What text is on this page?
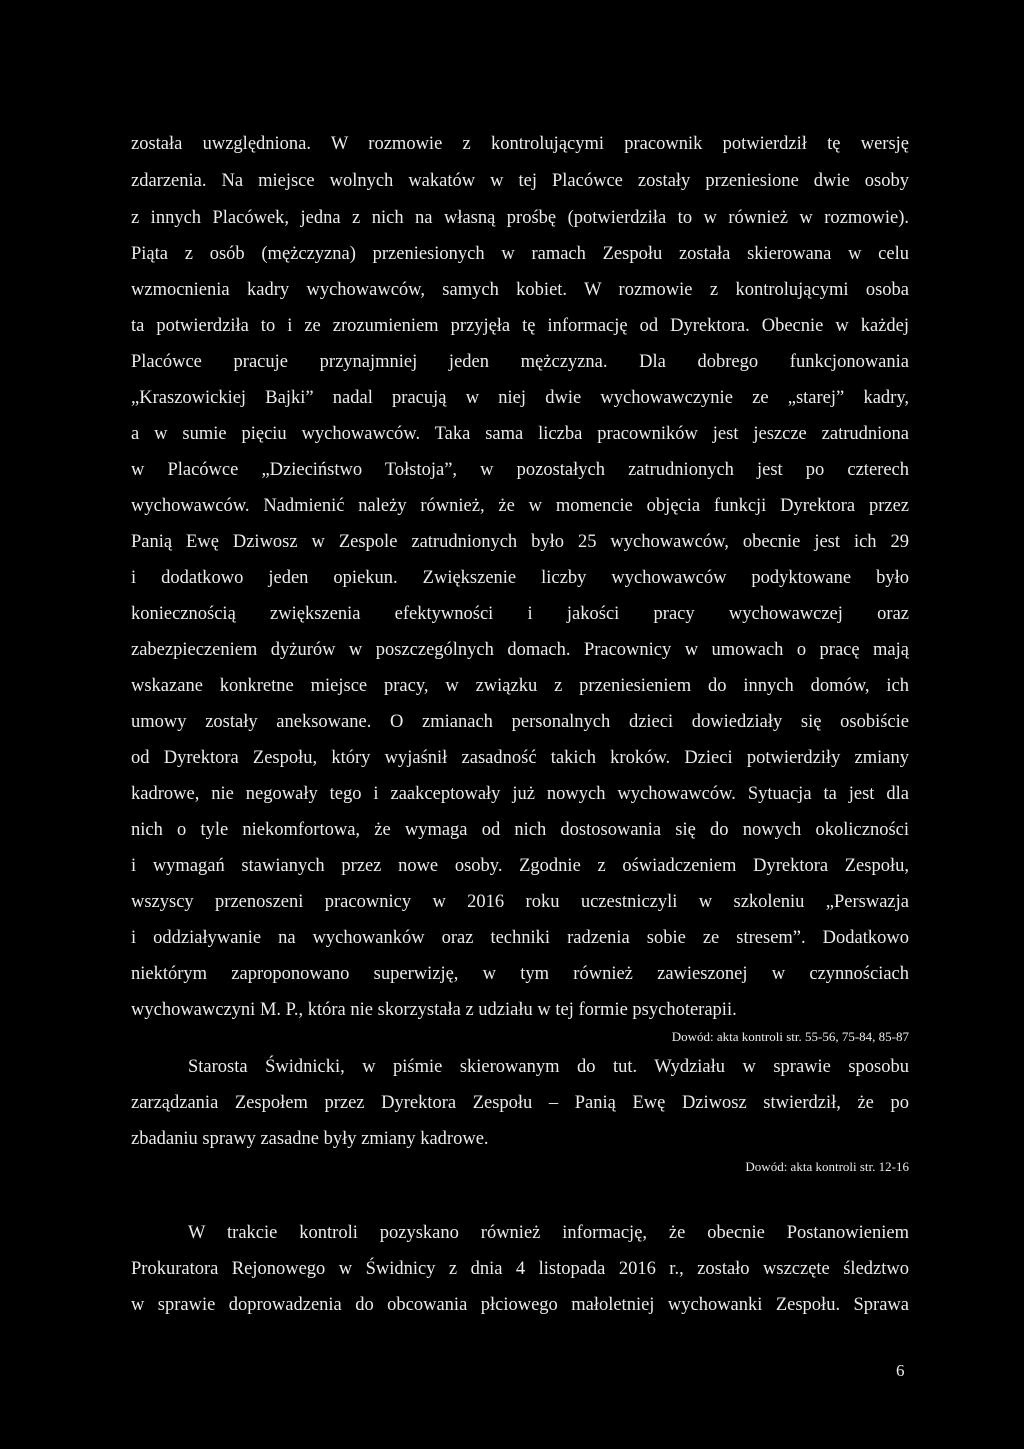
została uwzględniona. W rozmowie z kontrolującymi pracownik potwierdził tę wersję
zdarzenia. Na miejsce wolnych wakatów w tej Placówce zostały przeniesione dwie osoby
z innych Placówek, jedna z nich na własną prośbę (potwierdziła to w również w rozmowie).
Piąta z osób (mężczyzna) przeniesionych w ramach Zespołu została skierowana w celu
wzmocnienia kadry wychowawców, samych kobiet. W rozmowie z kontrolującymi osoba
ta potwierdziła to i ze zrozumieniem przyjęła tę informację od Dyrektora. Obecnie w każdej
Placówce pracuje przynajmniej jeden mężczyzna. Dla dobrego funkcjonowania
„Kraszowickiej Bajki” nadal pracują w niej dwie wychowawczynie ze „starej” kadry,
a w sumie pięciu wychowawców. Taka sama liczba pracowników jest jeszcze zatrudniona
w Placówce „Dzieciństwo Tołstoja”, w pozostałych zatrudnionych jest po czterech
wychowawców. Nadmienić należy również, że w momencie objęcia funkcji Dyrektora przez
Panią Ewę Dziwosz w Zespole zatrudnionych było 25 wychowawców, obecnie jest ich 29
i dodatkowo jeden opiekun. Zwiększenie liczby wychowawców podyktowane było
koniecznością zwiększenia efektywności i jakości pracy wychowawczej oraz
zabezpieczeniem dyżurów w poszczególnych domach. Pracownicy w umowach o pracę mają
wskazane konkretne miejsce pracy, w związku z przeniesieniem do innych domów, ich
umowy zostały aneksowane. O zmianach personalnych dzieci dowiedziały się osobiście
od Dyrektora Zespołu, który wyjaśnił zasadność takich kroków. Dzieci potwierdziły zmiany
kadrowe, nie negowały tego i zaakceptowały już nowych wychowawców. Sytuacja ta jest dla
nich o tyle niekomfortowa, że wymaga od nich dostosowania się do nowych okoliczności
i wymagań stawianych przez nowe osoby. Zgodnie z oświadczeniem Dyrektora Zespołu,
wszyscy przenoszeni pracownicy w 2016 roku uczestniczyli w szkoleniu „Perswazja
i oddziaływanie na wychowanków oraz techniki radzenia sobie ze stresem”. Dodatkowo
niektórym zaproponowano superwizję, w tym również zawieszonej w czynnościach
wychowawczyni M. P., która nie skorzystała z udziału w tej formie psychoterapii.
Dowód: akta kontroli str. 55-56, 75-84, 85-87
Starosta Świdnicki, w piśmie skierowanym do tut. Wydziału w sprawie sposobu
zarządzania Zespołem przez Dyrektora Zespołu – Panią Ewę Dziwosz stwierdził, że po
zbadaniu sprawy zasadne były zmiany kadrowe.
Dowód: akta kontroli str. 12-16
W trakcie kontroli pozyskano również informację, że obecnie Postanowieniem
Prokuratora Rejonowego w Świdnicy z dnia 4 listopada 2016 r., zostało wszczęte śledztwo
w sprawie doprowadzenia do obcowania płciowego małoletniej wychowanki Zespołu. Sprawa
6
